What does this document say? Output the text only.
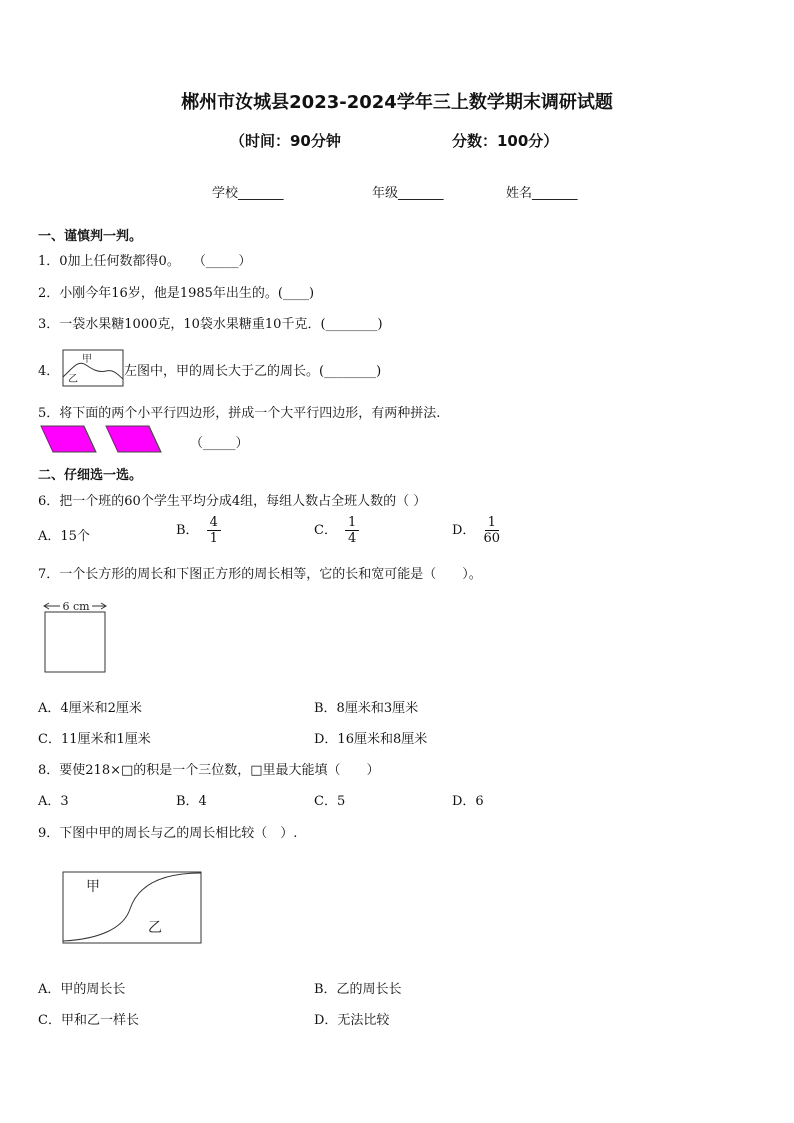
郴州市汝城县2023-2024学年三上数学期末调研试题
（时间：90分钟	分数：100分）
学校_______	年级_______	姓名_______
一、谨慎判一判。
1．0加上任何数都得0。　　（_____）
2．小刚今年16岁，他是1985年出生的。(____)
3．一袋水果糖1000克，10袋水果糖重10千克．(________)
4．
甲
乙
左图中，甲的周长大于乙的周长。(________)
5．将下面的两个小平行四边形，拼成一个大平行四边形，有两种拼法.
（_____）
二、仔细选一选。
6．把一个班的60个学生平均分成4组，每组人数占全班人数的（ ）
A．15个	B． $\frac{4}{1}$	C． $\frac{1}{4}$	D． $\frac{1}{60}$
7．一个长方形的周长和下图正方形的周长相等，它的长和宽可能是（　　）。
6 cm
A．4厘米和2厘米	B．8厘米和3厘米
C．11厘米和1厘米	D．16厘米和8厘米
8．要使218×□的积是一个三位数，□里最大能填（　　）
A．3	B．4	C．5	D．6
9．下图中甲的周长与乙的周长相比较（　）.
甲
乙
A．甲的周长长	B．乙的周长长
C．甲和乙一样长	D．无法比较
